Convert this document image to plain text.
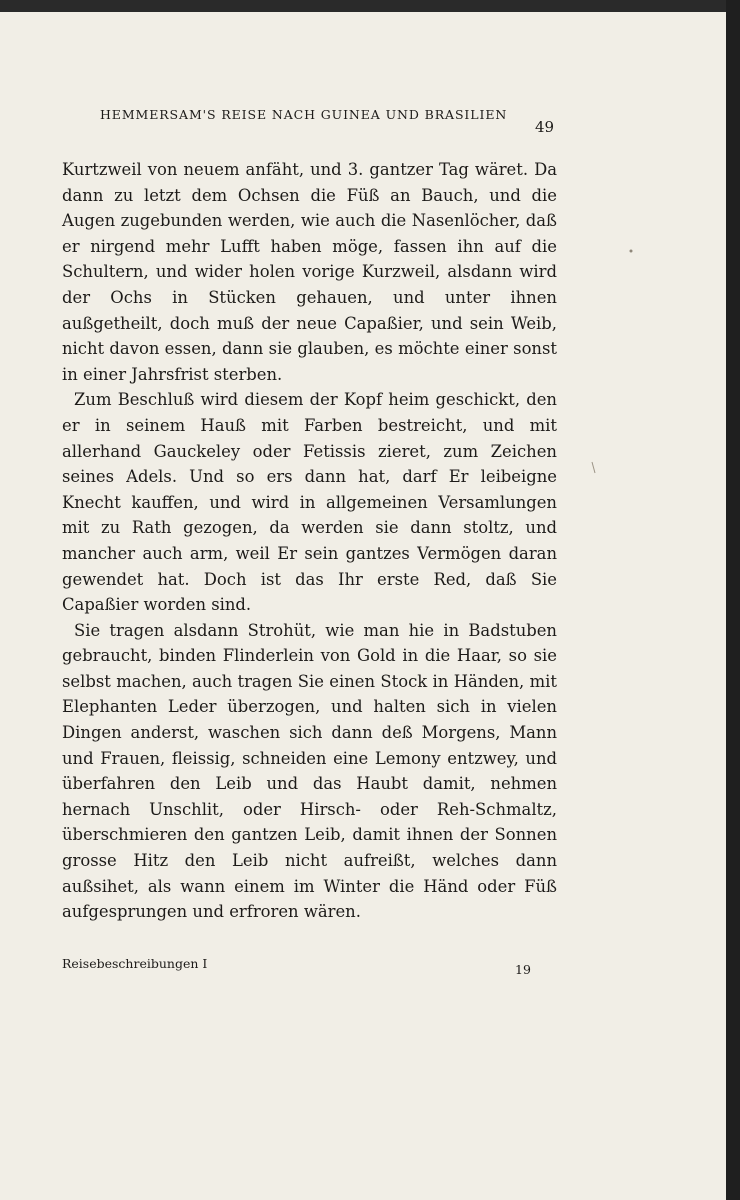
HEMMERSAM'S REISE NACH GUINEA UND BRASILIEN
49

Kurtzweil von neuem anfäht, und 3. gantzer Tag wäret. Da dann zu letzt dem Ochsen die Füß an Bauch, und die Augen zugebunden werden, wie auch die Nasenlöcher, daß er nirgend mehr Lufft haben möge, fassen ihn auf die Schultern, und wider holen vorige Kurzweil, alsdann wird der Ochs in Stücken gehauen, und unter ihnen außgetheilt, doch muß der neue Capaßier, und sein Weib, nicht davon essen, dann sie glauben, es möchte einer sonst in einer Jahrsfrist sterben.

Zum Beschluß wird diesem der Kopf heim geschickt, den er in seinem Hauß mit Farben bestreicht, und mit allerhand Gauckeley oder Fetissis zieret, zum Zeichen seines Adels. Und so ers dann hat, darf Er leibeigne Knecht kauffen, und wird in allgemeinen Versamlungen mit zu Rath gezogen, da werden sie dann stoltz, und mancher auch arm, weil Er sein gantzes Vermögen daran gewendet hat. Doch ist das Ihr erste Red, daß Sie Capaßier worden sind.

Sie tragen alsdann Strohüt, wie man hie in Badstuben gebraucht, binden Flinderlein von Gold in die Haar, so sie selbst machen, auch tragen Sie einen Stock in Händen, mit Elephanten Leder überzogen, und halten sich in vielen Dingen anderst, waschen sich dann deß Morgens, Mann und Frauen, fleissig, schneiden eine Lemony entzwey, und überfahren den Leib und das Haubt damit, nehmen hernach Unschlit, oder Hirsch- oder Reh-Schmaltz, überschmieren den gantzen Leib, damit ihnen der Sonnen grosse Hitz den Leib nicht aufreißt, welches dann außsihet, als wann einem im Winter die Händ oder Füß aufgesprungen und erfroren wären.

Reisebeschreibungen I	19
